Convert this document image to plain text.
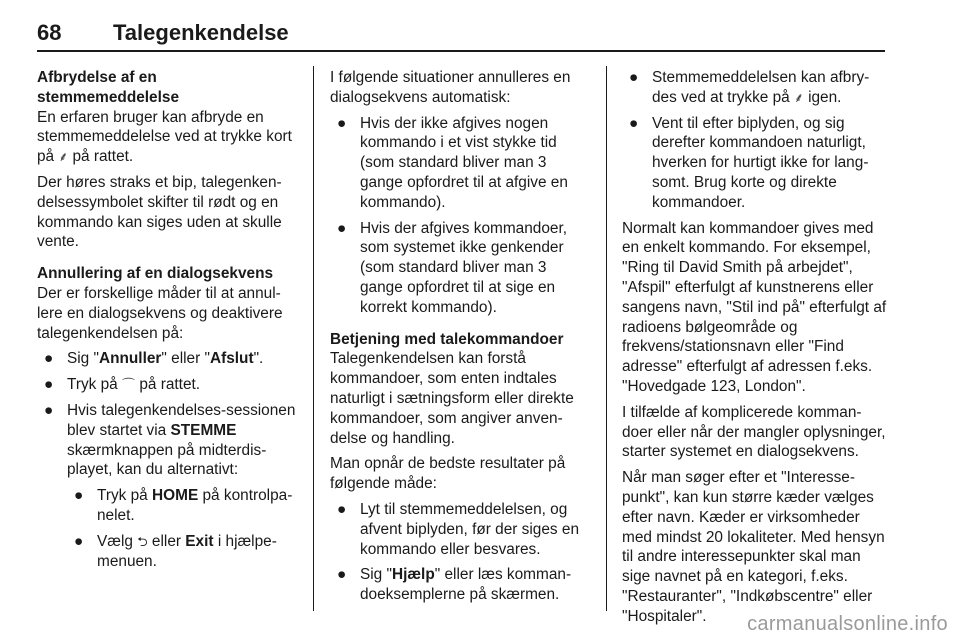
68 Talegenkendelse

Afbrydelse af en stemmemeddelelse

En erfaren bruger kan afbryde en stemmemeddelelse ved at trykke kort på ⸙ på rattet.

Der høres straks et bip, talegenkendelsessymbolet skifter til rødt og en kommando kan siges uden at skulle vente.

Annullering af en dialogsekvens

Der er forskellige måder til at annullere en dialogsekvens og deaktivere talegenkendelsen på:

● Sig "Annuller" eller "Afslut".
● Tryk på ⌒ på rattet.
● Hvis talegenkendelses-sessionen blev startet via STEMME skærmknappen på midterdisplayet, kan du alternativt:
● Tryk på HOME på kontrolpanelet.
● Vælg ⮌ eller Exit i hjælpemenuen.

I følgende situationer annulleres en dialogsekvens automatisk:

● Hvis der ikke afgives nogen kommando i et vist stykke tid (som standard bliver man 3 gange opfordret til at afgive en kommando).
● Hvis der afgives kommandoer, som systemet ikke genkender (som standard bliver man 3 gange opfordret til at sige en korrekt kommando).

Betjening med talekommandoer

Talegenkendelsen kan forstå kommandoer, som enten indtales naturligt i sætningsform eller direkte kommandoer, som angiver anvendelse og handling.

Man opnår de bedste resultater på følgende måde:

● Lyt til stemmemeddelelsen, og afvent biplyden, før der siges en kommando eller besvares.
● Sig "Hjælp" eller læs kommandoeksemplerne på skærmen.
● Stemmemeddelelsen kan afbrydes ved at trykke på ⸙ igen.
● Vent til efter biplyden, og sig derefter kommandoen naturligt, hverken for hurtigt ikke for langsomt. Brug korte og direkte kommandoer.

Normalt kan kommandoer gives med en enkelt kommando. For eksempel, "Ring til David Smith på arbejdet", "Afspil" efterfulgt af kunstnerens eller sangens navn, "Stil ind på" efterfulgt af radioens bølgeområde og frekvens/stationsnavn eller "Find adresse" efterfulgt af adressen f.eks. "Hovedgade 123, London".

I tilfælde af komplicerede kommandoer eller når der mangler oplysninger, starter systemet en dialogsekvens.

Når man søger efter et "Interessepunkt", kan kun større kæder vælges efter navn. Kæder er virksomheder med mindst 20 lokaliteter. Med hensyn til andre interessepunkter skal man sige navnet på en kategori, f.eks. "Restauranter", "Indkøbscentre" eller "Hospitaler".	carmanualsonline.info
